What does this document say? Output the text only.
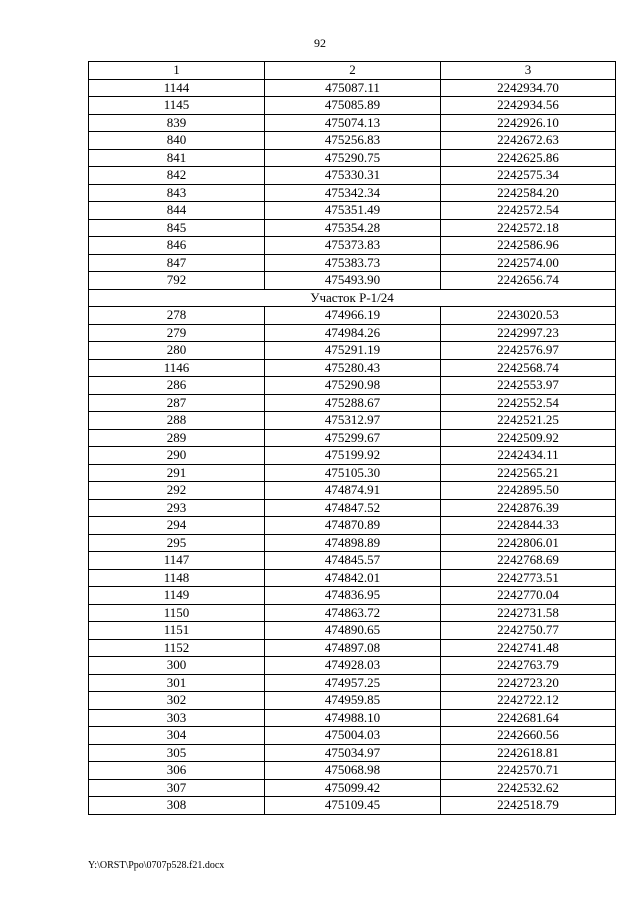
92
1	2	3
1144	475087.11	2242934.70
1145	475085.89	2242934.56
839	475074.13	2242926.10
840	475256.83	2242672.63
841	475290.75	2242625.86
842	475330.31	2242575.34
843	475342.34	2242584.20
844	475351.49	2242572.54
845	475354.28	2242572.18
846	475373.83	2242586.96
847	475383.73	2242574.00
792	475493.90	2242656.74
Участок Р-1/24		
278	474966.19	2243020.53
279	474984.26	2242997.23
280	475291.19	2242576.97
1146	475280.43	2242568.74
286	475290.98	2242553.97
287	475288.67	2242552.54
288	475312.97	2242521.25
289	475299.67	2242509.92
290	475199.92	2242434.11
291	475105.30	2242565.21
292	474874.91	2242895.50
293	474847.52	2242876.39
294	474870.89	2242844.33
295	474898.89	2242806.01
1147	474845.57	2242768.69
1148	474842.01	2242773.51
1149	474836.95	2242770.04
1150	474863.72	2242731.58
1151	474890.65	2242750.77
1152	474897.08	2242741.48
300	474928.03	2242763.79
301	474957.25	2242723.20
302	474959.85	2242722.12
303	474988.10	2242681.64
304	475004.03	2242660.56
305	475034.97	2242618.81
306	475068.98	2242570.71
307	475099.42	2242532.62
308	475109.45	2242518.79
Y:\ORST\Ppo\0707p528.f21.docx
